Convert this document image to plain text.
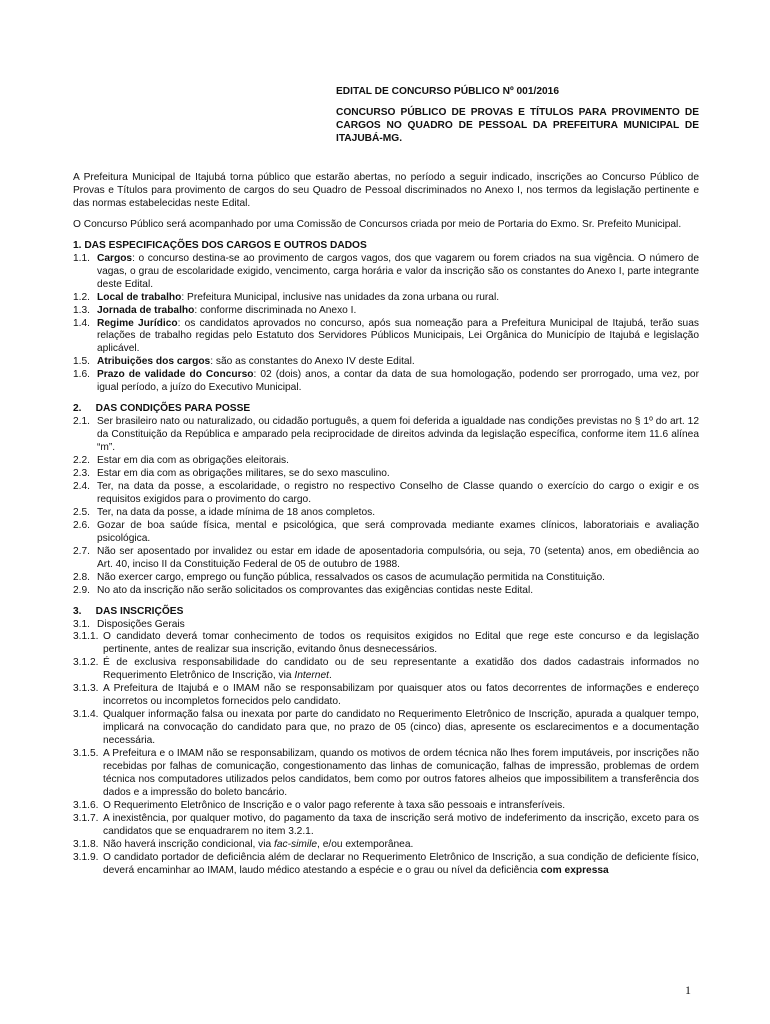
EDITAL DE CONCURSO PÚBLICO Nº 001/2016

CONCURSO PÚBLICO DE PROVAS E TÍTULOS PARA PROVIMENTO DE CARGOS NO QUADRO DE PESSOAL DA PREFEITURA MUNICIPAL DE ITAJUBÁ-MG.

A Prefeitura Municipal de Itajubá torna público que estarão abertas, no período a seguir indicado, inscrições ao Concurso Público de Provas e Títulos para provimento de cargos do seu Quadro de Pessoal discriminados no Anexo I, nos termos da legislação pertinente e das normas estabelecidas neste Edital.

O Concurso Público será acompanhado por uma Comissão de Concursos criada por meio de Portaria do Exmo. Sr. Prefeito Municipal.

1. DAS ESPECIFICAÇÕES DOS CARGOS E OUTROS DADOS
1.1. Cargos: o concurso destina-se ao provimento de cargos vagos, dos que vagarem ou forem criados na sua vigência. O número de vagas, o grau de escolaridade exigido, vencimento, carga horária e valor da inscrição são os constantes do Anexo I, parte integrante deste Edital.
1.2. Local de trabalho: Prefeitura Municipal, inclusive nas unidades da zona urbana ou rural.
1.3. Jornada de trabalho: conforme discriminada no Anexo I.
1.4. Regime Jurídico: os candidatos aprovados no concurso, após sua nomeação para a Prefeitura Municipal de Itajubá, terão suas relações de trabalho regidas pelo Estatuto dos Servidores Públicos Municipais, Lei Orgânica do Município de Itajubá e legislação aplicável.
1.5. Atribuições dos cargos: são as constantes do Anexo IV deste Edital.
1.6. Prazo de validade do Concurso: 02 (dois) anos, a contar da data de sua homologação, podendo ser prorrogado, uma vez, por igual período, a juízo do Executivo Municipal.
2.     DAS CONDIÇÕES PARA POSSE
2.1. Ser brasileiro nato ou naturalizado, ou cidadão português, a quem foi deferida a igualdade nas condições previstas no § 1º do art. 12 da Constituição da República e amparado pela reciprocidade de direitos advinda da legislação específica, conforme item 11.6 alínea “m”.
2.2. Estar em dia com as obrigações eleitorais.
2.3. Estar em dia com as obrigações militares, se do sexo masculino.
2.4. Ter, na data da posse, a escolaridade, o registro no respectivo Conselho de Classe quando o exercício do cargo o exigir e os requisitos exigidos para o provimento do cargo.
2.5. Ter, na data da posse, a idade mínima de 18 anos completos.
2.6. Gozar de boa saúde física, mental e psicológica, que será comprovada mediante exames clínicos, laboratoriais e avaliação psicológica.
2.7. Não ser aposentado por invalidez ou estar em idade de aposentadoria compulsória, ou seja, 70 (setenta) anos, em obediência ao Art. 40, inciso II da Constituição Federal de 05 de outubro de 1988.
2.8. Não exercer cargo, emprego ou função pública, ressalvados os casos de acumulação permitida na Constituição.
2.9. No ato da inscrição não serão solicitados os comprovantes das exigências contidas neste Edital.
3.     DAS INSCRIÇÕES
3.1. Disposições Gerais
3.1.1. O candidato deverá tomar conhecimento de todos os requisitos exigidos no Edital que rege este concurso e da legislação pertinente, antes de realizar sua inscrição, evitando ônus desnecessários.
3.1.2. É de exclusiva responsabilidade do candidato ou de seu representante a exatidão dos dados cadastrais informados no Requerimento Eletrônico de Inscrição, via Internet.
3.1.3. A Prefeitura de Itajubá e o IMAM não se responsabilizam por quaisquer atos ou fatos decorrentes de informações e endereço incorretos ou incompletos fornecidos pelo candidato.
3.1.4. Qualquer informação falsa ou inexata por parte do candidato no Requerimento Eletrônico de Inscrição, apurada a qualquer tempo, implicará na convocação do candidato para que, no prazo de 05 (cinco) dias, apresente os esclarecimentos e a documentação necessária.
3.1.5. A Prefeitura e o IMAM não se responsabilizam, quando os motivos de ordem técnica não lhes forem imputáveis, por inscrições não recebidas por falhas de comunicação, congestionamento das linhas de comunicação, falhas de impressão, problemas de ordem técnica nos computadores utilizados pelos candidatos, bem como por outros fatores alheios que impossibilitem a transferência dos dados e a impressão do boleto bancário.
3.1.6. O Requerimento Eletrônico de Inscrição e o valor pago referente à taxa são pessoais e intransferíveis.
3.1.7. A inexistência, por qualquer motivo, do pagamento da taxa de inscrição será motivo de indeferimento da inscrição, exceto para os candidatos que se enquadrarem no item 3.2.1.
3.1.8. Não haverá inscrição condicional, via fac-simile, e/ou extemporânea.
3.1.9. O candidato portador de deficiência além de declarar no Requerimento Eletrônico de Inscrição, a sua condição de deficiente físico, deverá encaminhar ao IMAM, laudo médico atestando a espécie e o grau ou nível da deficiência com expressa
1
